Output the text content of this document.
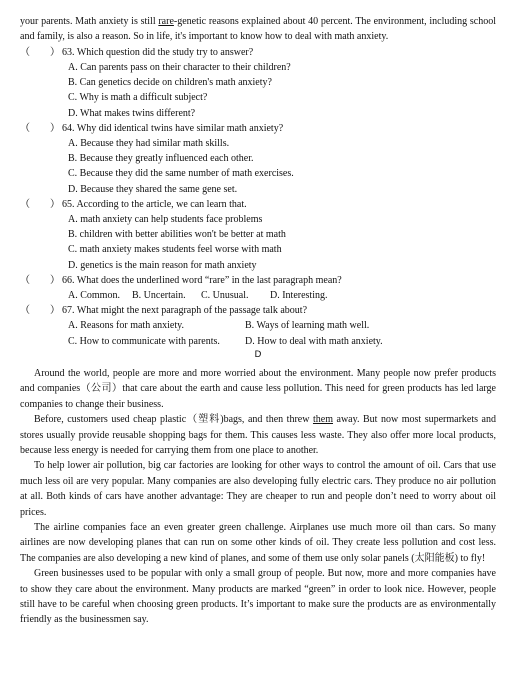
your parents. Math anxiety is still rare-genetic reasons explained about 40 percent. The environment, including school and family, is also a reason. So in life, it's important to know how to deal with math anxiety.

（　　） 63. Which question did the study try to answer?

A. Can parents pass on their character to their children?

B. Can genetics decide on children's math anxiety?

C. Why is math a difficult subject?

D. What makes twins different?

（　　） 64. Why did identical twins have similar math anxiety?

A. Because they had similar math skills.

B. Because they greatly influenced each other.

C. Because they did the same number of math exercises.

D. Because they shared the same gene set.

（　　） 65. According to the article, we can learn that.

A. math anxiety can help students face problems

B. children with better abilities won't be better at math

C. math anxiety makes students feel worse with math

D. genetics is the main reason for math anxiety

（　　） 66. What does the underlined word “rare” in the last paragraph mean?

A. Common.	B. Uncertain.	C. Unusual.	D. Interesting.

（　　） 67. What might the next paragraph of the passage talk about?

A. Reasons for math anxiety.	B. Ways of learning math well.
C. How to communicate with parents.	D. How to deal with math anxiety.

D

Around the world, people are more and more worried about the environment. Many people now prefer products and companies（公司）that care about the earth and cause less pollution. This need for green products has led large companies to change their business.

Before, customers used cheap plastic（塑料)bags, and then threw them away. But now most supermarkets and stores usually provide reusable shopping bags for them. This causes less waste. They also offer more local products, because less energy is needed for carrying them from one place to another.

To help lower air pollution, big car factories are looking for other ways to control the amount of oil. Cars that use much less oil are very popular. Many companies are also developing fully electric cars. They produce no air pollution at all. Both kinds of cars have another advantage: They are cheaper to run and people don’t need to worry about oil prices.

The airline companies face an even greater green challenge. Airplanes use much more oil than cars. So many airlines are now developing planes that can run on some other kinds of oil. They create less pollution and cost less. The companies are also developing a new kind of planes, and some of them use only solar panels (太阳能板) to fly!

Green businesses used to be popular with only a small group of people. But now, more and more companies have to show they care about the environment. Many products are marked “green” in order to look nice. However, people still have to be careful when choosing green products. It’s important to make sure the products are as environmentally friendly as the businessmen say.
